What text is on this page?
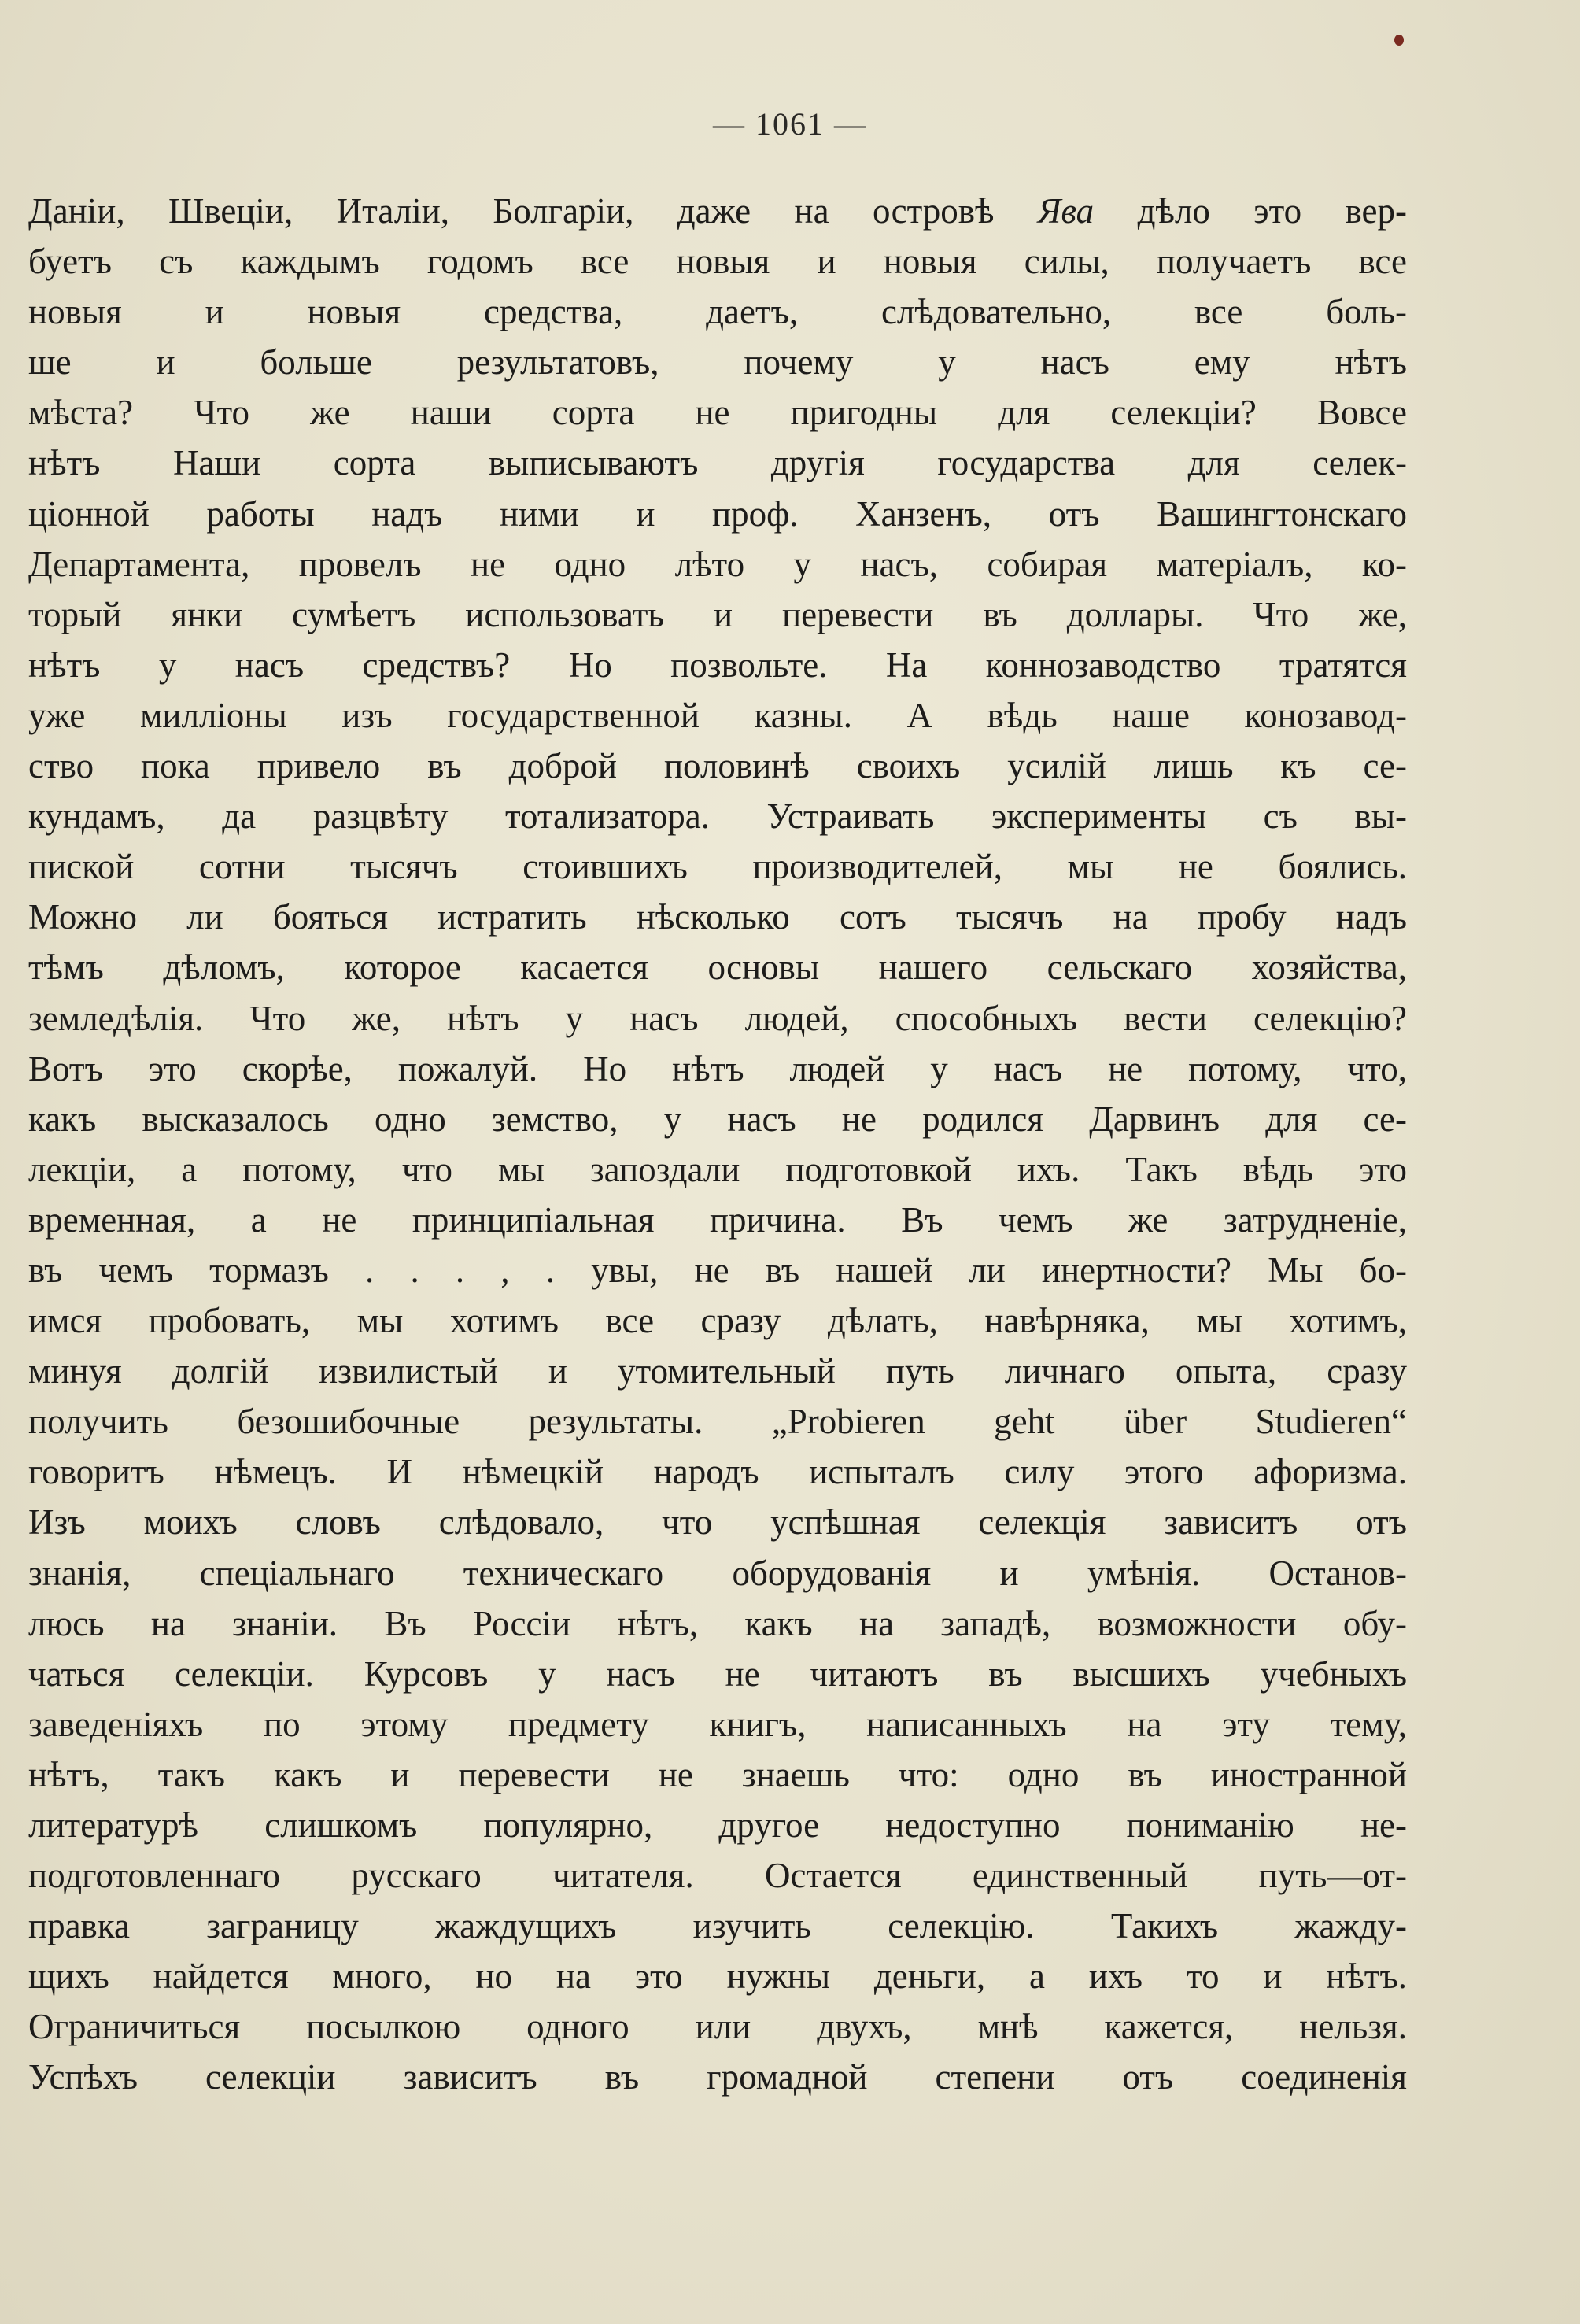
— 1061 —
Даніи, Швеціи, Италіи, Болгаріи, даже на островѣ Ява дѣло это вер-
буетъ съ каждымъ годомъ все новыя и новыя силы, получаетъ все
новыя и новыя средства, даетъ, слѣдовательно, все боль-
ше и больше результатовъ, почему у насъ ему нѣтъ
мѣста? Что же наши сорта не пригодны для селекціи? Вовсе
нѣтъ Наши сорта выписываютъ другія государства для селек-
ціонной работы надъ ними и проф. Ханзенъ, отъ Вашингтонскаго
Департамента, провелъ не одно лѣто у насъ, собирая матеріалъ, ко-
торый янки сумѣетъ использовать и перевести въ доллары. Что же,
нѣтъ у насъ средствъ? Но позвольте. На коннозаводство тратятся
уже милліоны изъ государственной казны. А вѣдь наше конозавод-
ство пока привело въ доброй половинѣ своихъ усилій лишь къ се-
кундамъ, да разцвѣту тотализатора. Устраивать эксперименты съ вы-
пиской сотни тысячъ стоившихъ производителей, мы не боялись.
Можно ли бояться истратить нѣсколько сотъ тысячъ на пробу надъ
тѣмъ дѣломъ, которое касается основы нашего сельскаго хозяйства,
земледѣлія. Что же, нѣтъ у насъ людей, способныхъ вести селекцію?
Вотъ это скорѣе, пожалуй. Но нѣтъ людей у насъ не потому, что,
какъ высказалось одно земство, у насъ не родился Дарвинъ для се-
лекціи, а потому, что мы запоздали подготовкой ихъ. Такъ вѣдь это
временная, а не принципіальная причина. Въ чемъ же затрудненіе,
въ чемъ тормазъ . . . , . увы, не въ нашей ли инертности? Мы бо-
имся пробовать, мы хотимъ все сразу дѣлать, навѣрняка, мы хотимъ,
минуя долгій извилистый и утомительный путь личнаго опыта, сразу
получить безошибочные результаты. „Probieren geht über Studieren“
говоритъ нѣмецъ. И нѣмецкій народъ испыталъ силу этого афоризма.
Изъ моихъ словъ слѣдовало, что успѣшная селекція зависитъ отъ
знанія, спеціальнаго техническаго оборудованія и умѣнія. Останов-
люсь на знаніи. Въ Россіи нѣтъ, какъ на западѣ, возможности обу-
чаться селекціи. Курсовъ у насъ не читаютъ въ высшихъ учебныхъ
заведеніяхъ по этому предмету книгъ, написанныхъ на эту тему,
нѣтъ, такъ какъ и перевести не знаешь что: одно въ иностранной
литературѣ слишкомъ популярно, другое недоступно пониманію не-
подготовленнаго русскаго читателя. Остается единственный путь—от-
правка заграницу жаждущихъ изучить селекцію. Такихъ жажду-
щихъ найдется много, но на это нужны деньги, а ихъ то и нѣтъ.
Ограничиться посылкою одного или двухъ, мнѣ кажется, нельзя.
Успѣхъ селекціи зависитъ въ громадной степени отъ соединенія
